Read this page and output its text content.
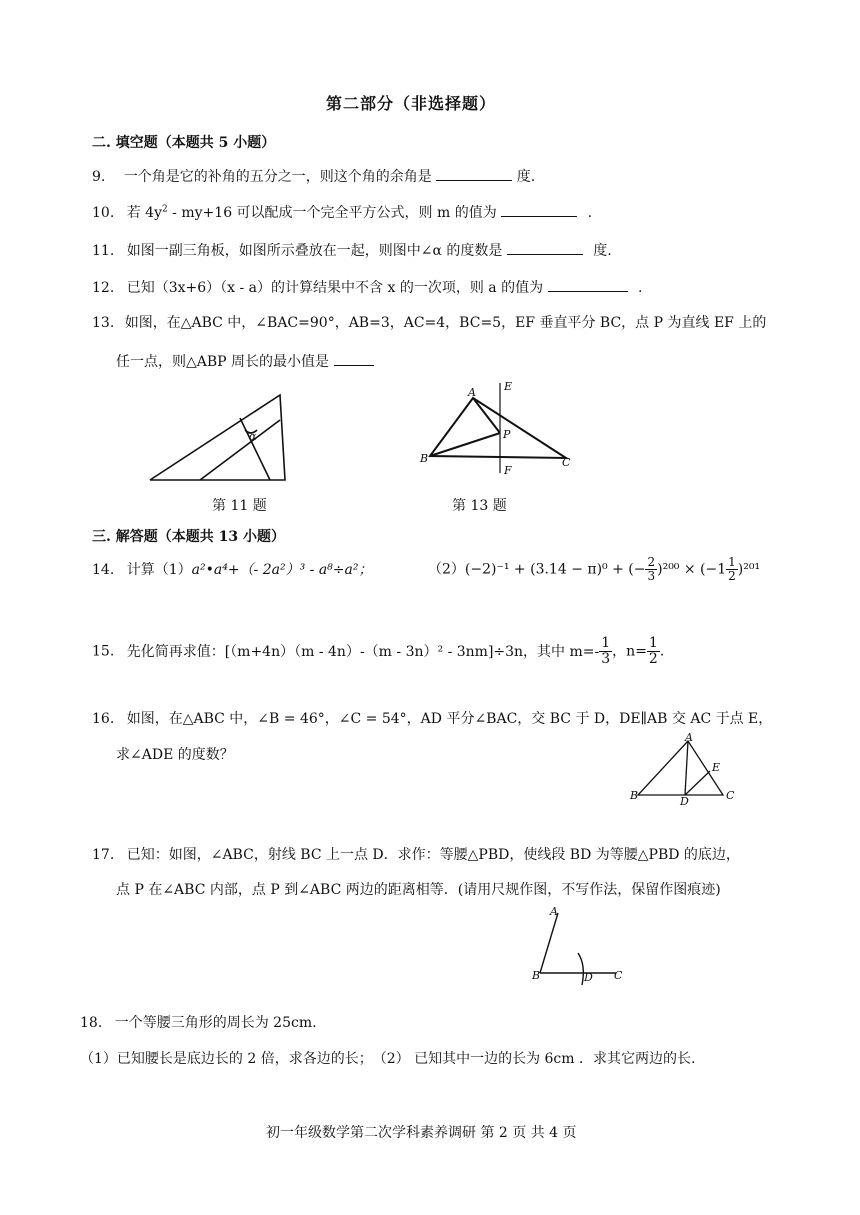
第二部分（非选择题）
二. 填空题（本题共 5 小题）
9. 一个角是它的补角的五分之一，则这个角的余角是	度.
10. 若 $4y^2 - my+16$ 可以配成一个完全平方公式，则 m 的值为	.
11. 如图一副三角板，如图所示叠放在一起，则图中∠α 的度数是	度.
12. 已知（3x+6）（x - a）的计算结果中不含 x 的一次项，则 a 的值为	.
13. 如图，在△ABC 中，∠BAC=90°，AB=3，AC=4，BC=5，EF 垂直平分 BC，点 P 为直线 EF 上的
任一点，则△ABP 周长的最小值是
α
第 11 题
A
B	C
E
F
P
第 13 题
三. 解答题（本题共 13 小题）
14. 计算（1）a²•a⁴+（- 2a²）³ - a⁸÷a²；	（2）(−2)⁻¹ + (3.14 − π)⁰ + (− $\frac{2}{3} )^{200} \times (-1 \frac{1}{2} )^{201}$
15. 先化简再求值：[（m+4n）（m - 4n）-（m - 3n）² - 3nm]÷3n，其中 $m=- \frac{1}{3}$ ，$n= \frac{1}{2}$ .
16. 如图，在△ABC 中，∠B = 46°，∠C = 54°，AD 平分∠BAC，交 BC 于 D，DE∥AB 交 AC 于点 E，
求∠ADE 的度数？
A
B	C
D
E
17. 已知：如图，∠ABC，射线 BC 上一点 D．求作：等腰△PBD，使线段 BD 为等腰△PBD 的底边，
点 P 在∠ABC 内部，点 P 到∠ABC 两边的距离相等．(请用尺规作图，不写作法，保留作图痕迹)
A
B	C
D
18. 一个等腰三角形的周长为 25cm.
（1）已知腰长是底边长的 2 倍，求各边的长；　（2） 已知其中一边的长为 6cm ．求其它两边的长.
初一年级数学第二次学科素养调研 第 2 页 共 4 页
